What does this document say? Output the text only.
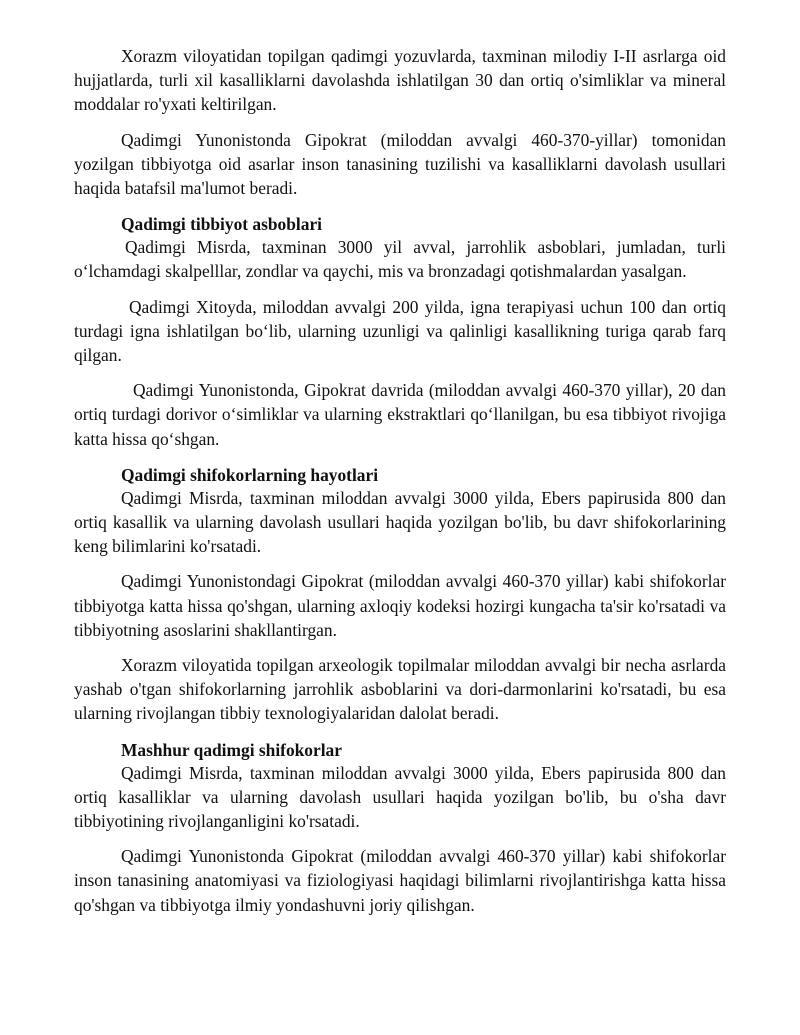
Xorazm viloyatidan topilgan qadimgi yozuvlarda, taxminan milodiy I-II asrlarga oid hujjatlarda, turli xil kasalliklarni davolashda ishlatilgan 30 dan ortiq o'simliklar va mineral moddalar ro'yxati keltirilgan.

Qadimgi Yunonistonda Gipokrat (miloddan avvalgi 460-370-yillar) tomonidan yozilgan tibbiyotga oid asarlar inson tanasining tuzilishi va kasalliklarni davolash usullari haqida batafsil ma'lumot beradi.

Qadimgi tibbiyot asboblari

Qadimgi Misrda, taxminan 3000 yil avval, jarrohlik asboblari, jumladan, turli o‘lchamdagi skalpelllar, zondlar va qaychi, mis va bronzadagi qotishmalardan yasalgan.

Qadimgi Xitoyda, miloddan avvalgi 200 yilda, igna terapiyasi uchun 100 dan ortiq turdagi igna ishlatilgan bo‘lib, ularning uzunligi va qalinligi kasallikning turiga qarab farq qilgan.

Qadimgi Yunonistonda, Gipokrat davrida (miloddan avvalgi 460-370 yillar), 20 dan ortiq turdagi dorivor o‘simliklar va ularning ekstraktlari qo‘llanilgan, bu esa tibbiyot rivojiga katta hissa qo‘shgan.

Qadimgi shifokorlarning hayotlari

Qadimgi Misrda, taxminan miloddan avvalgi 3000 yilda, Ebers papirusida 800 dan ortiq kasallik va ularning davolash usullari haqida yozilgan bo'lib, bu davr shifokorlarining keng bilimlarini ko'rsatadi.

Qadimgi Yunonistondagi Gipokrat (miloddan avvalgi 460-370 yillar) kabi shifokorlar tibbiyotga katta hissa qo'shgan, ularning axloqiy kodeksi hozirgi kungacha ta'sir ko'rsatadi va tibbiyotning asoslarini shakllantirgan.

Xorazm viloyatida topilgan arxeologik topilmalar miloddan avvalgi bir necha asrlarda yashab o'tgan shifokorlarning jarrohlik asboblarini va dori-darmonlarini ko'rsatadi, bu esa ularning rivojlangan tibbiy texnologiyalaridan dalolat beradi.

Mashhur qadimgi shifokorlar

Qadimgi Misrda, taxminan miloddan avvalgi 3000 yilda, Ebers papirusida 800 dan ortiq kasalliklar va ularning davolash usullari haqida yozilgan bo'lib, bu o'sha davr tibbiyotining rivojlanganligini ko'rsatadi.

Qadimgi Yunonistonda Gipokrat (miloddan avvalgi 460-370 yillar) kabi shifokorlar inson tanasining anatomiyasi va fiziologiyasi haqidagi bilimlarni rivojlantirishga katta hissa qo'shgan va tibbiyotga ilmiy yondashuvni joriy qilishgan.
